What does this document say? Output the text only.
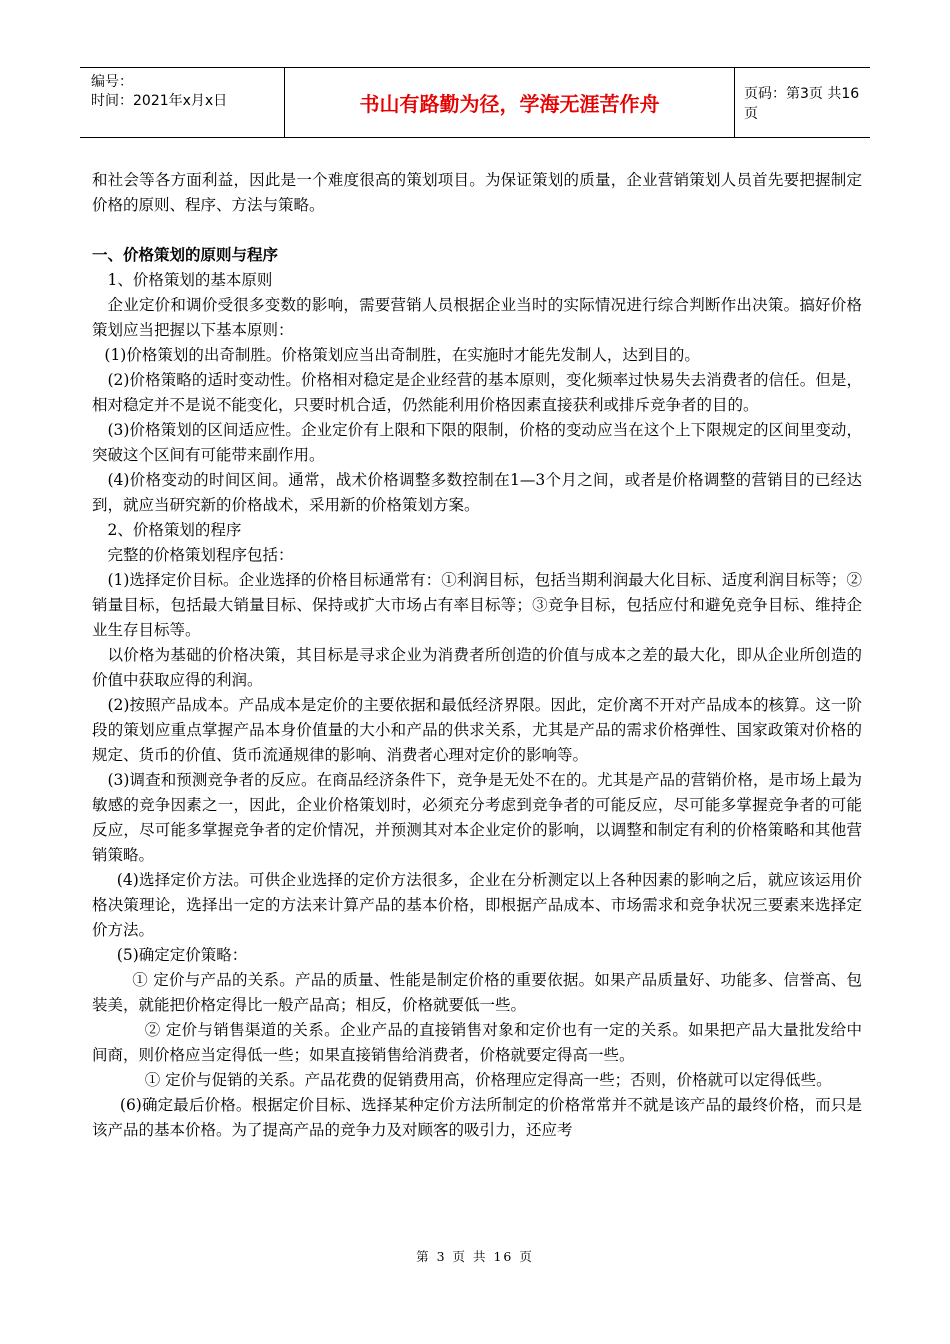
编号：
时间：2021年x月x日	书山有路勤为径，学海无涯苦作舟	页码：第3页 共16页

和社会等各方面利益，因此是一个难度很高的策划项目。为保证策划的质量，企业营销策划人员首先要把握制定价格的原则、程序、方法与策略。

一、价格策划的原则与程序

1、价格策划的基本原则

企业定价和调价受很多变数的影响，需要营销人员根据企业当时的实际情况进行综合判断作出决策。搞好价格策划应当把握以下基本原则：

(1)价格策划的出奇制胜。价格策划应当出奇制胜，在实施时才能先发制人，达到目的。

(2)价格策略的适时变动性。价格相对稳定是企业经营的基本原则，变化频率过快易失去消费者的信任。但是，相对稳定并不是说不能变化，只要时机合适，仍然能利用价格因素直接获利或排斥竞争者的目的。

(3)价格策划的区间适应性。企业定价有上限和下限的限制，价格的变动应当在这个上下限规定的区间里变动，突破这个区间有可能带来副作用。

(4)价格变动的时间区间。通常，战术价格调整多数控制在1—3个月之间，或者是价格调整的营销目的已经达到，就应当研究新的价格战术，采用新的价格策划方案。

2、价格策划的程序

完整的价格策划程序包括：

(1)选择定价目标。企业选择的价格目标通常有：①利润目标，包括当期利润最大化目标、适度利润目标等；②销量目标，包括最大销量目标、保持或扩大市场占有率目标等；③竞争目标，包括应付和避免竞争目标、维持企业生存目标等。

以价格为基础的价格决策，其目标是寻求企业为消费者所创造的价值与成本之差的最大化，即从企业所创造的价值中获取应得的利润。

(2)按照产品成本。产品成本是定价的主要依据和最低经济界限。因此，定价离不开对产品成本的核算。这一阶段的策划应重点掌握产品本身价值量的大小和产品的供求关系，尤其是产品的需求价格弹性、国家政策对价格的规定、货币的价值、货币流通规律的影响、消费者心理对定价的影响等。

(3)调查和预测竞争者的反应。在商品经济条件下，竞争是无处不在的。尤其是产品的营销价格，是市场上最为敏感的竞争因素之一，因此，企业价格策划时，必须充分考虑到竞争者的可能反应，尽可能多掌握竞争者的可能反应，尽可能多掌握竞争者的定价情况，并预测其对本企业定价的影响，以调整和制定有利的价格策略和其他营销策略。

(4)选择定价方法。可供企业选择的定价方法很多，企业在分析测定以上各种因素的影响之后，就应该运用价格决策理论，选择出一定的方法来计算产品的基本价格，即根据产品成本、市场需求和竞争状况三要素来选择定价方法。

(5)确定定价策略：

① 定价与产品的关系。产品的质量、性能是制定价格的重要依据。如果产品质量好、功能多、信誉高、包装美，就能把价格定得比一般产品高；相反，价格就要低一些。

② 定价与销售渠道的关系。企业产品的直接销售对象和定价也有一定的关系。如果把产品大量批发给中间商，则价格应当定得低一些；如果直接销售给消费者，价格就要定得高一些。

① 定价与促销的关系。产品花费的促销费用高，价格理应定得高一些；否则，价格就可以定得低些。

(6)确定最后价格。根据定价目标、选择某种定价方法所制定的价格常常并不就是该产品的最终价格，而只是该产品的基本价格。为了提高产品的竞争力及对顾客的吸引力，还应考

第 3 页 共 16 页
